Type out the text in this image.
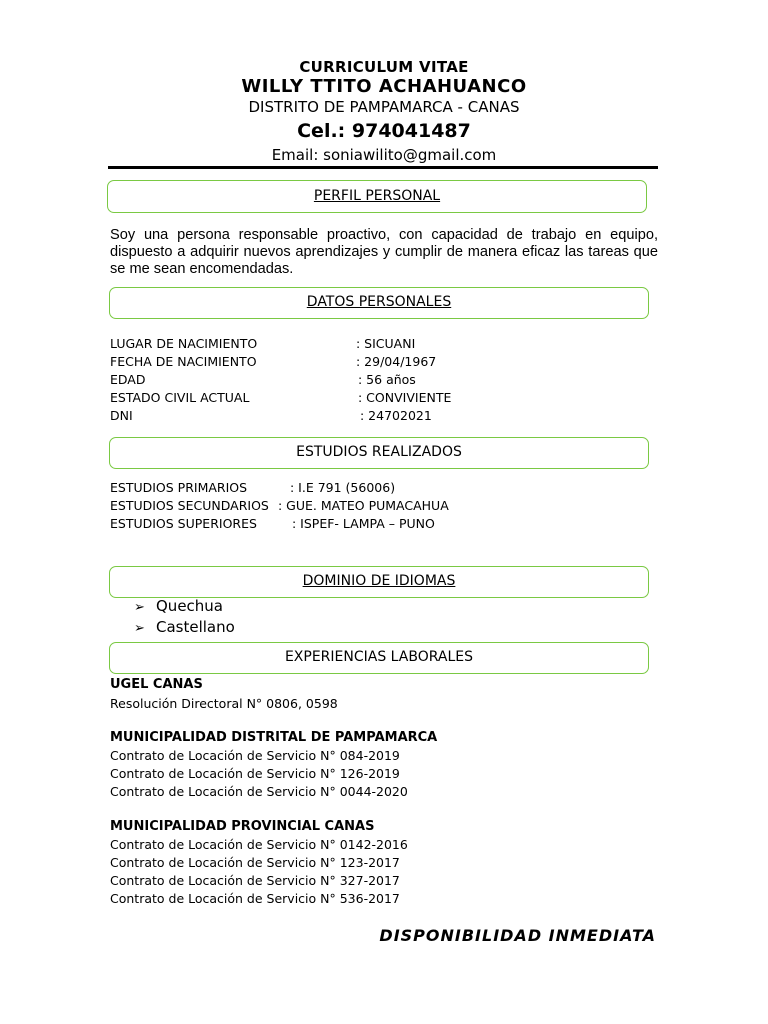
CURRICULUM VITAE
WILLY TTITO ACHAHUANCO
DISTRITO DE PAMPAMARCA - CANAS
Cel.: 974041487
Email: soniawilito@gmail.com
PERFIL PERSONAL
Soy una persona responsable proactivo, con capacidad de trabajo en equipo, dispuesto a adquirir nuevos aprendizajes y cumplir de manera eficaz las tareas que se me sean encomendadas.
DATOS PERSONALES
LUGAR DE NACIMIENTO	: SICUANI
FECHA DE NACIMIENTO	: 29/04/1967
EDAD	: 56 años
ESTADO CIVIL ACTUAL	: CONVIVIENTE
DNI	: 24702021
ESTUDIOS REALIZADOS
ESTUDIOS PRIMARIOS	: I.E 791 (56006)
ESTUDIOS SECUNDARIOS : GUE. MATEO PUMACAHUA
ESTUDIOS SUPERIORES	: ISPEF- LAMPA – PUNO
DOMINIO DE IDIOMAS
➢ Quechua
➢ Castellano
EXPERIENCIAS LABORALES
UGEL CANAS
Resolución Directoral N° 0806, 0598
MUNICIPALIDAD DISTRITAL DE PAMPAMARCA
Contrato de Locación de Servicio N° 084-2019
Contrato de Locación de Servicio N° 126-2019
Contrato de Locación de Servicio N° 0044-2020
MUNICIPALIDAD PROVINCIAL CANAS
Contrato de Locación de Servicio N° 0142-2016
Contrato de Locación de Servicio N° 123-2017
Contrato de Locación de Servicio N° 327-2017
Contrato de Locación de Servicio N° 536-2017
DISPONIBILIDAD INMEDIATA
